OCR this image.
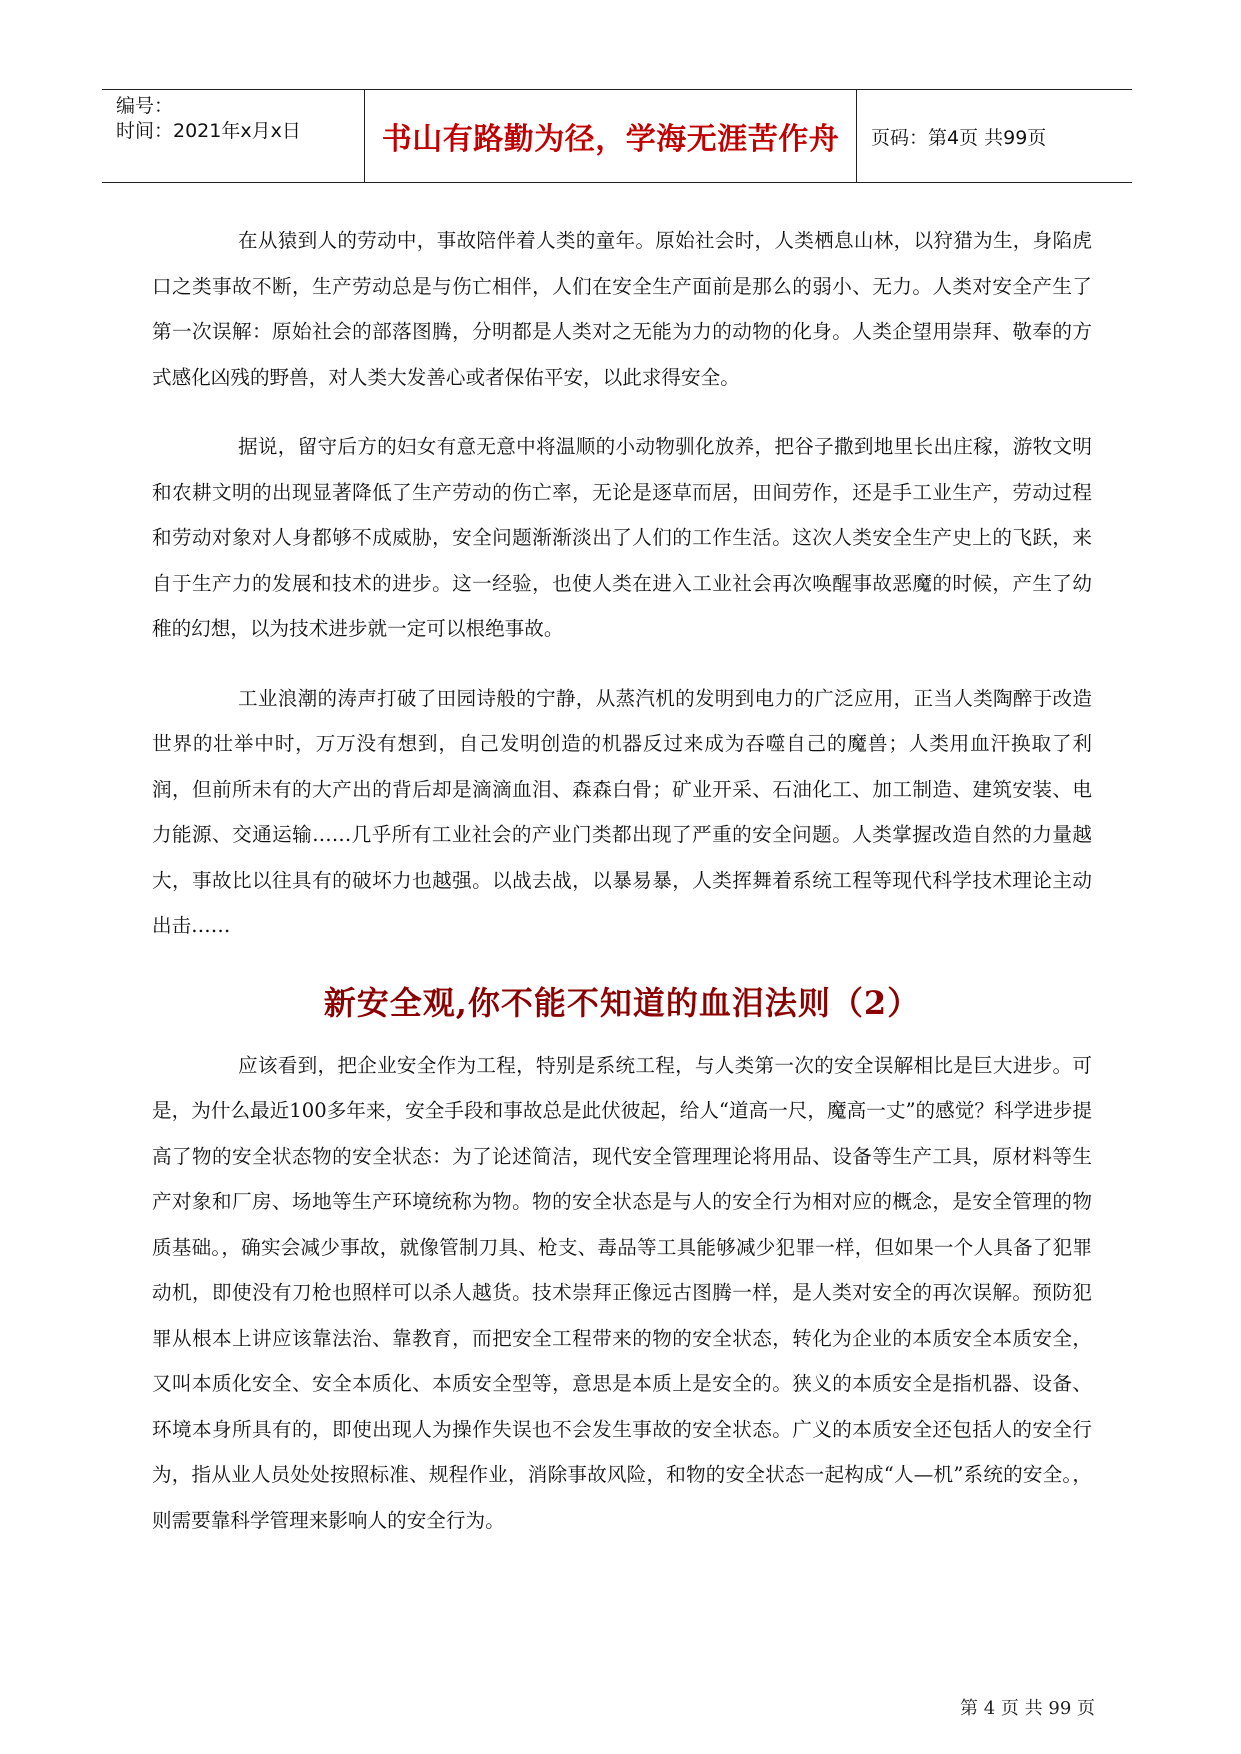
编号：
时间：2021年x月x日	书山有路勤为径，学海无涯苦作舟	页码：第4页 共99页

在从猿到人的劳动中，事故陪伴着人类的童年。原始社会时，人类栖息山林，以狩猎为生，身陷虎口之类事故不断，生产劳动总是与伤亡相伴，人们在安全生产面前是那么的弱小、无力。人类对安全产生了第一次误解：原始社会的部落图腾，分明都是人类对之无能为力的动物的化身。人类企望用崇拜、敬奉的方式感化凶残的野兽，对人类大发善心或者保佑平安，以此求得安全。

据说，留守后方的妇女有意无意中将温顺的小动物驯化放养，把谷子撒到地里长出庄稼，游牧文明和农耕文明的出现显著降低了生产劳动的伤亡率，无论是逐草而居，田间劳作，还是手工业生产，劳动过程和劳动对象对人身都够不成威胁，安全问题渐渐淡出了人们的工作生活。这次人类安全生产史上的飞跃，来自于生产力的发展和技术的进步。这一经验，也使人类在进入工业社会再次唤醒事故恶魔的时候，产生了幼稚的幻想，以为技术进步就一定可以根绝事故。

工业浪潮的涛声打破了田园诗般的宁静，从蒸汽机的发明到电力的广泛应用，正当人类陶醉于改造世界的壮举中时，万万没有想到，自己发明创造的机器反过来成为吞噬自己的魔兽；人类用血汗换取了利润，但前所未有的大产出的背后却是滴滴血泪、森森白骨；矿业开采、石油化工、加工制造、建筑安装、电力能源、交通运输……几乎所有工业社会的产业门类都出现了严重的安全问题。人类掌握改造自然的力量越大，事故比以往具有的破坏力也越强。以战去战，以暴易暴，人类挥舞着系统工程等现代科学技术理论主动出击……

新安全观,你不能不知道的血泪法则（2）

应该看到，把企业安全作为工程，特别是系统工程，与人类第一次的安全误解相比是巨大进步。可是，为什么最近100多年来，安全手段和事故总是此伏彼起，给人“道高一尺，魔高一丈”的感觉？科学进步提高了物的安全状态物的安全状态：为了论述简洁，现代安全管理理论将用品、设备等生产工具，原材料等生产对象和厂房、场地等生产环境统称为物。物的安全状态是与人的安全行为相对应的概念，是安全管理的物质基础。，确实会减少事故，就像管制刀具、枪支、毒品等工具能够减少犯罪一样，但如果一个人具备了犯罪动机，即使没有刀枪也照样可以杀人越货。技术崇拜正像远古图腾一样，是人类对安全的再次误解。预防犯罪从根本上讲应该靠法治、靠教育，而把安全工程带来的物的安全状态，转化为企业的本质安全本质安全，又叫本质化安全、安全本质化、本质安全型等，意思是本质上是安全的。狭义的本质安全是指机器、设备、环境本身所具有的，即使出现人为操作失误也不会发生事故的安全状态。广义的本质安全还包括人的安全行为，指从业人员处处按照标准、规程作业，消除事故风险，和物的安全状态一起构成“人—机”系统的安全。，则需要靠科学管理来影响人的安全行为。

第 4 页 共 99 页
